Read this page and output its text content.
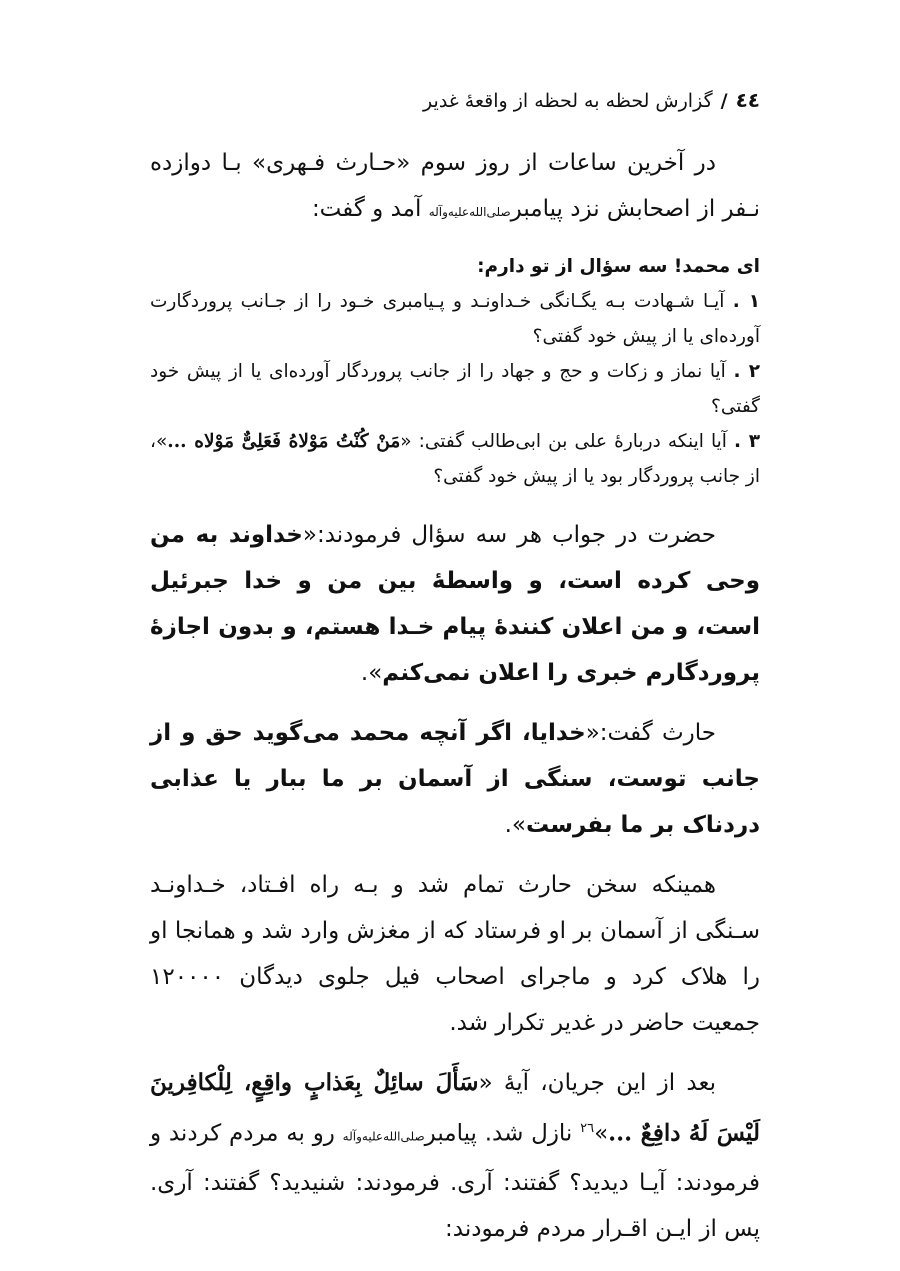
٤٤
/
گزارش لحظه به لحظه از واقعهٔ غدیر

در آخرین ساعات از روز سوم «حـارث فـهری» بـا دوازده نـفر از اصحابش نزد پیامبرصلی‌الله‌علیه‌وآله آمد و گفت:

ای محمد! سه سؤال از تو دارم:
۱ . آیـا شـهادت بـه یگـانگی خـداونـد و پـیامبری خـود را از جـانب پروردگارت آورده‌ای یا از پیش خود گفتی؟
۲ . آیا نماز و زکات و حج و جهاد را از جانب پروردگار آورده‌ای یا از پیش خود گفتی؟
۳ . آیا اینکه دربارهٔ علی بن ابی‌طالب گفتی: «مَنْ کُنْتُ مَوْلاهُ فَعَلِیٌّ مَوْلاه ...»، از جانب پروردگار بود یا از پیش خود گفتی؟

حضرت در جواب هر سه سؤال فرمودند:«خداوند به من وحی کرده است، و واسطهٔ بین من و خدا جبرئیل است، و من اعلان کنندهٔ پیام خـدا هستم، و بدون اجازهٔ پروردگارم خبری را اعلان نمی‌کنم».

حارث گفت:«خدایا، اگر آنچه محمد می‌گوید حق و از جانب توست، سنگی از آسمان بر ما ببار یا عذابی دردناک بر ما بفرست».

همینکه سخن حارث تمام شد و بـه راه افـتاد، خـداونـد سـنگی از آسمان بر او فرستاد که از مغزش وارد شد و همانجا او را هلاک کرد و ماجرای اصحاب فیل جلوی دیدگان ۱۲۰۰۰۰ جمعیت حاضر در غدیر تکرار شد.

بعد از این جریان، آیهٔ «سَأَلَ سائِلٌ بِعَذابٍ واقِعٍ، لِلْکافِرینَ لَیْسَ لَهُ دافِعٌ ...»$^{۲٦}$ نازل شد. پیامبرصلی‌الله‌علیه‌وآله رو به مردم کردند و فرمودند: آیـا دیدید؟ گفتند: آری. فرمودند: شنیدید؟ گفتند: آری. پس از ایـن اقـرار مردم فرمودند:
